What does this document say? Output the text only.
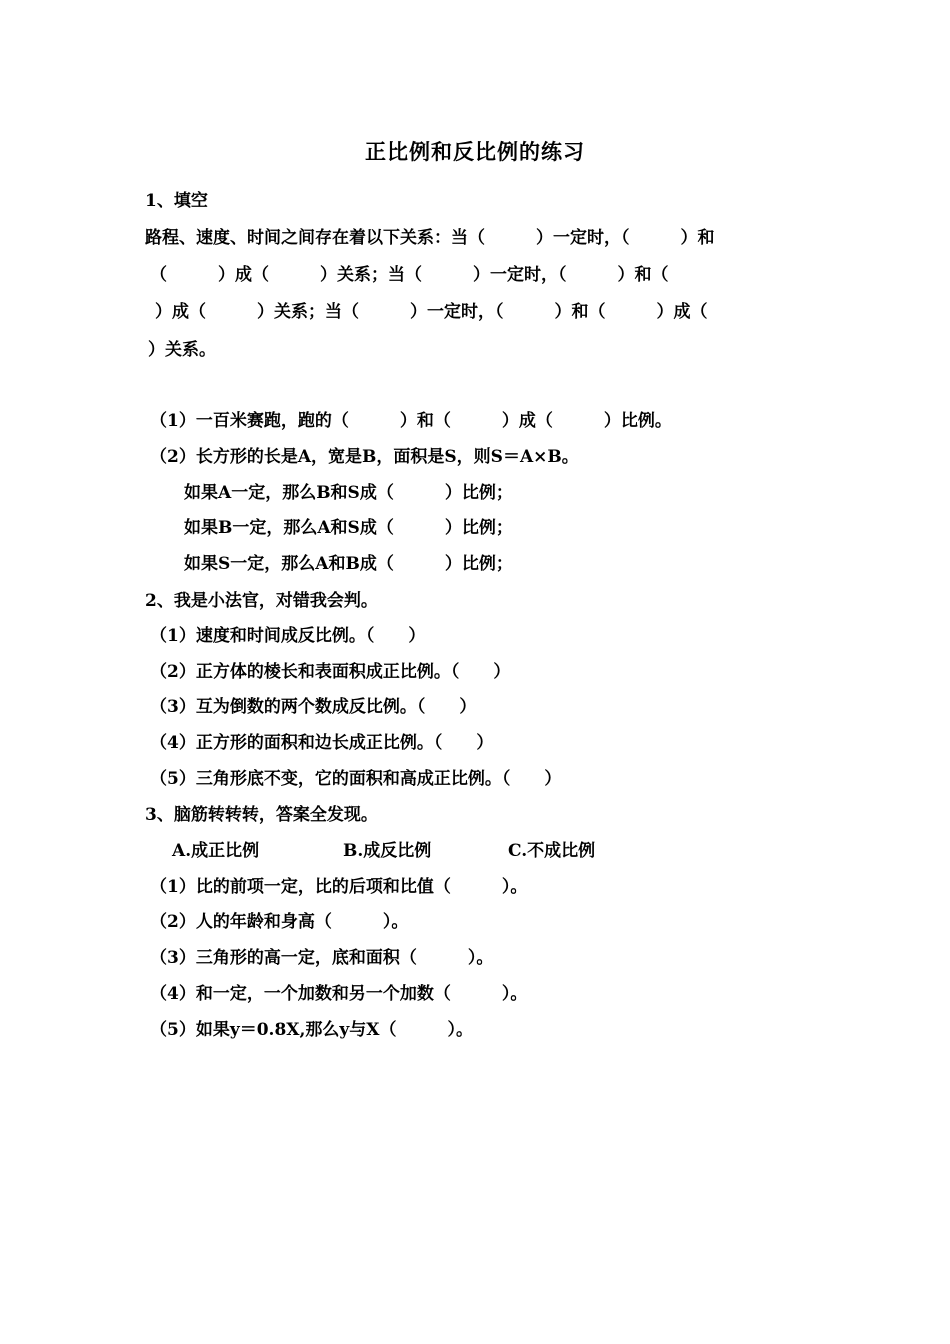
正比例和反比例的练习
1、填空
路程、速度、时间之间存在着以下关系：当（　　　）一定时，（　　　）和
（　　　）成（　　　）关系；当（　　　）一定时，（　　　）和（
）成（　　　）关系；当（　　　）一定时，（　　　）和（　　　）成（
）关系。
（1）一百米赛跑，跑的（　　　）和（　　　）成（　　　）比例。
（2）长方形的长是A，宽是B，面积是S，则S＝A×B。
　　如果A一定，那么B和S成（　　　）比例；
　　如果B一定，那么A和S成（　　　）比例；
　　如果S一定，那么A和B成（　　　）比例；
2、我是小法官，对错我会判。
（1）速度和时间成反比例。（　　）
（2）正方体的棱长和表面积成正比例。（　　）
（3）互为倒数的两个数成反比例。（　　）
（4）正方形的面积和边长成正比例。（　　）
（5）三角形底不变，它的面积和高成正比例。（　　）
3、脑筋转转转，答案全发现。
A.成正比例	B.成反比例	C.不成比例
（1）比的前项一定，比的后项和比值（　　　）。
（2）人的年龄和身高（　　　）。
（3）三角形的高一定，底和面积（　　　）。
（4）和一定，一个加数和另一个加数（　　　）。
（5）如果y＝0.8X,那么y与X（　　　）。
